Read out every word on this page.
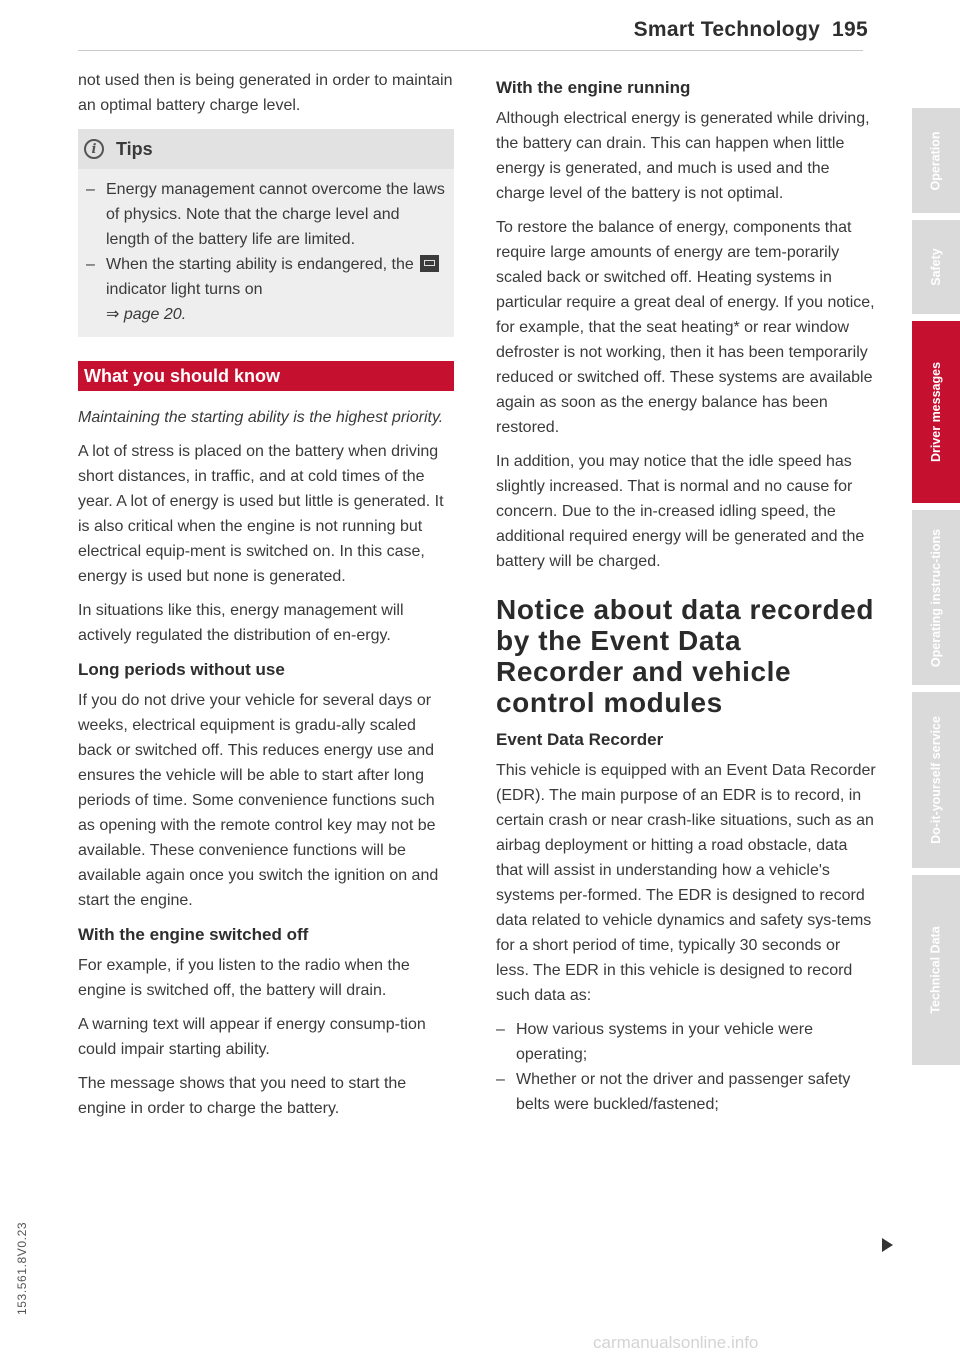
Smart Technology 195

not used then is being generated in order to maintain an optimal battery charge level.

i	Tips
– Energy management cannot overcome the laws of physics. Note that the charge level and length of the battery life are limited.
– When the starting ability is endangered, the  indicator light turns on
⇒ page 20.
What you should know

Maintaining the starting ability is the highest priority.

A lot of stress is placed on the battery when driving short distances, in traffic, and at cold times of the year. A lot of energy is used but little is generated. It is also critical when the engine is not running but electrical equip-ment is switched on. In this case, energy is used but none is generated.

In situations like this, energy management will actively regulated the distribution of en-ergy.

Long periods without use

If you do not drive your vehicle for several days or weeks, electrical equipment is gradu-ally scaled back or switched off. This reduces energy use and ensures the vehicle will be able to start after long periods of time. Some convenience functions such as opening with the remote control key may not be available. These convenience functions will be available again once you switch the ignition on and start the engine.

With the engine switched off

For example, if you listen to the radio when the engine is switched off, the battery will drain.

A warning text will appear if energy consump-tion could impair starting ability.

The message shows that you need to start the engine in order to charge the battery.

With the engine running

Although electrical energy is generated while driving, the battery can drain. This can happen when little energy is generated, and much is used and the charge level of the battery is not optimal.

To restore the balance of energy, components that require large amounts of energy are tem-porarily scaled back or switched off. Heating systems in particular require a great deal of energy. If you notice, for example, that the seat heating* or rear window defroster is not working, then it has been temporarily reduced or switched off. These systems are available again as soon as the energy balance has been restored.

In addition, you may notice that the idle speed has slightly increased. That is normal and no cause for concern. Due to the in-creased idling speed, the additional required energy will be generated and the battery will be charged.

Notice about data recorded by the Event Data Recorder and vehicle control modules
Event Data Recorder

This vehicle is equipped with an Event Data Recorder (EDR). The main purpose of an EDR is to record, in certain crash or near crash-like situations, such as an airbag deployment or hitting a road obstacle, data that will assist in understanding how a vehicle's systems per-formed. The EDR is designed to record data related to vehicle dynamics and safety sys-tems for a short period of time, typically 30 seconds or less. The EDR in this vehicle is designed to record such data as:

– How various systems in your vehicle were operating;
– Whether or not the driver and passenger safety belts were buckled/fastened;
153.561.8V0.23
Operation
Safety
Driver messages
Operating instruc-tions
Do-it-yourself service
Technical Data
carmanualsonline.info
